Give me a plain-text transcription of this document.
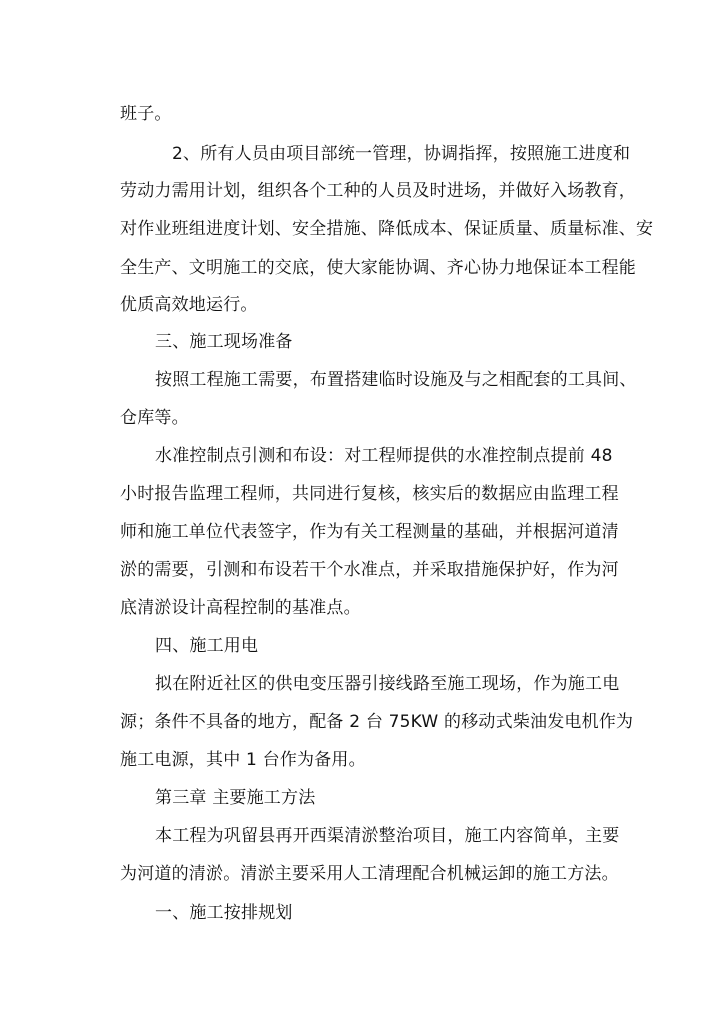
班子。
2、所有人员由项目部统一管理，协调指挥，按照施工进度和
劳动力需用计划，组织各个工种的人员及时进场，并做好入场教育，
对作业班组进度计划、安全措施、降低成本、保证质量、质量标准、安
全生产、文明施工的交底，使大家能协调、齐心协力地保证本工程能
优质高效地运行。
三、施工现场准备
按照工程施工需要，布置搭建临时设施及与之相配套的工具间、
仓库等。
水准控制点引测和布设：对工程师提供的水准控制点提前 48
小时报告监理工程师，共同进行复核，核实后的数据应由监理工程
师和施工单位代表签字，作为有关工程测量的基础，并根据河道清
淤的需要，引测和布设若干个水准点，并采取措施保护好，作为河
底清淤设计高程控制的基准点。
四、施工用电
拟在附近社区的供电变压器引接线路至施工现场，作为施工电
源；条件不具备的地方，配备 2 台 75KW 的移动式柴油发电机作为
施工电源，其中 1 台作为备用。
第三章 主要施工方法
本工程为巩留县再开西渠清淤整治项目，施工内容简单，主要
为河道的清淤。清淤主要采用人工清理配合机械运卸的施工方法。
一、施工按排规划
